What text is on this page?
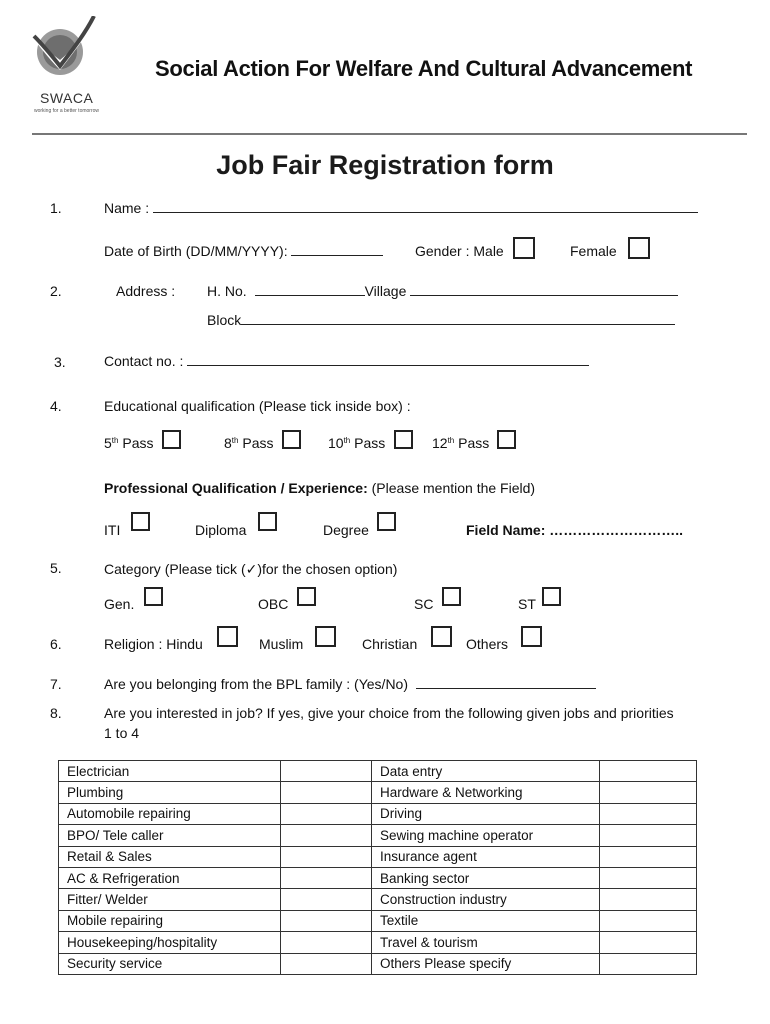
SWACA
working for a better tomorrow
Social Action For Welfare And Cultural Advancement
Job Fair Registration form
1.	Name :
Date of Birth (DD/MM/YYYY):	Gender : Male	Female
2.	Address : H. No.	Village
Block
3.	Contact no. :
4.	Educational qualification (Please tick inside box) :
5th Pass	8th Pass	10th Pass	12th Pass
Professional Qualification / Experience: (Please mention the Field)
ITI	Diploma	Degree	Field Name: ………………………..
5.	Category (Please tick (✓)for the chosen option)
Gen.	OBC	SC	ST
6.	Religion : Hindu	Muslim	Christian	Others
7.	Are you belonging from the BPL family : (Yes/No)
8.	Are you interested in job? If yes, give your choice from the following given jobs and priorities
1 to 4
Electrician		Data entry	
Plumbing		Hardware & Networking	
Automobile repairing		Driving	
BPO/ Tele caller		Sewing machine operator	
Retail & Sales		Insurance agent	
AC & Refrigeration		Banking sector	
Fitter/ Welder		Construction industry	
Mobile repairing		Textile	
Housekeeping/hospitality		Travel & tourism	
Security service		Others Please specify	
